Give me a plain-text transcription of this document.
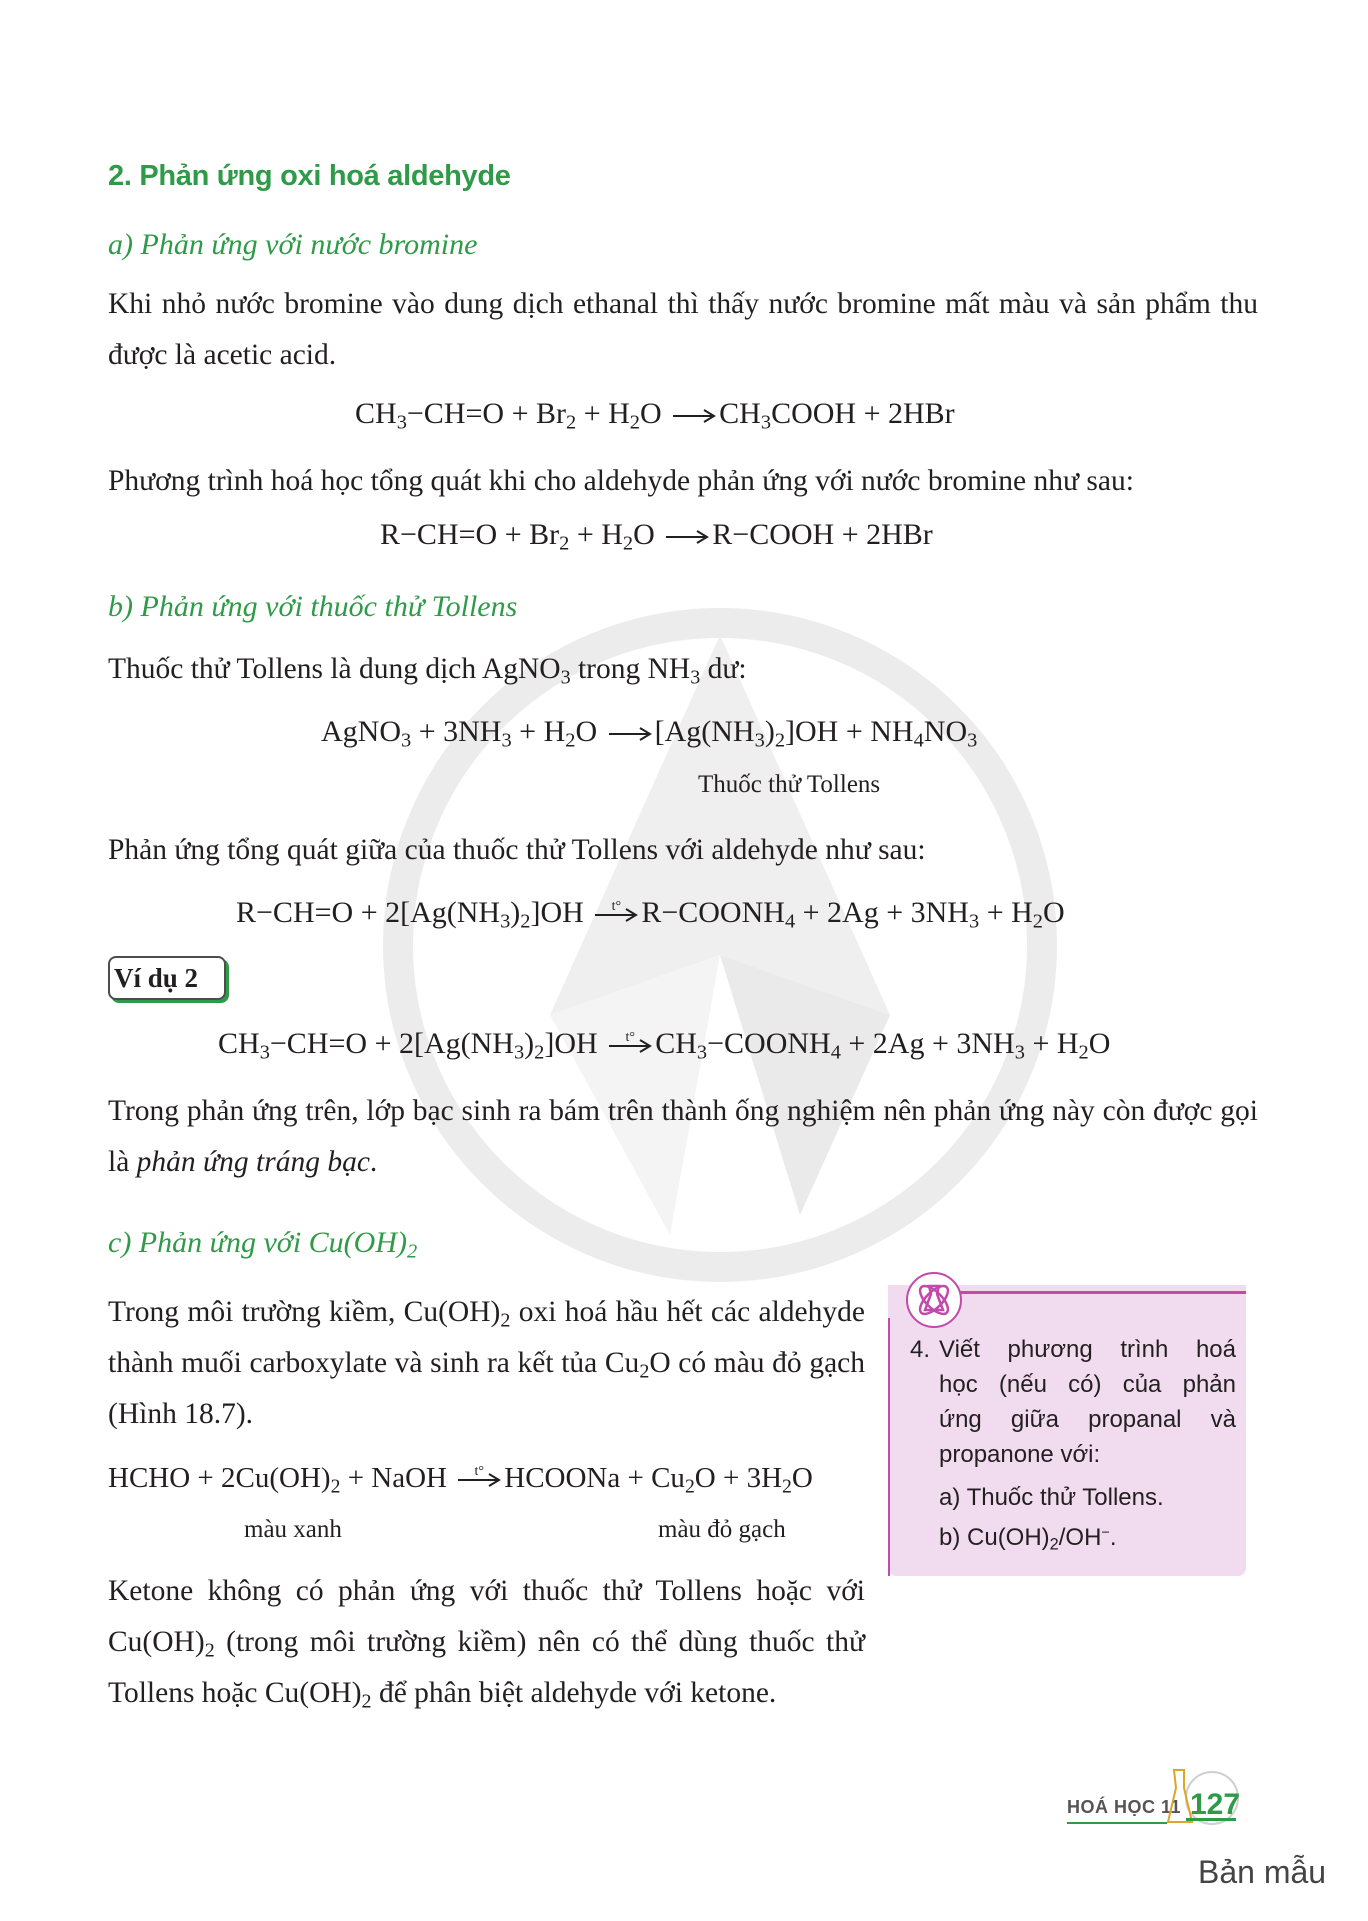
2. Phản ứng oxi hoá aldehyde
a) Phản ứng với nước bromine

Khi nhỏ nước bromine vào dung dịch ethanal thì thấy nước bromine mất màu và sản phẩm thu được là acetic acid.

$CH_3-CH=O + Br_2 + H_2O$ → $CH_3COOH + 2HBr$

Phương trình hoá học tổng quát khi cho aldehyde phản ứng với nước bromine như sau:

$R-CH=O + Br_2 + H_2O$ → R−COOH + 2HBr
b) Phản ứng với thuốc thử Tollens
Thuốc thử Tollens là dung dịch AgNO$_3$ trong $NH_3$ dư:
AgNO$_3$ + $3NH_3 + H_2O \to [Ag(NH_3)_2]OH + NH_4NO_3$
Thuốc thử Tollens

Phản ứng tổng quát giữa của thuốc thử Tollens với aldehyde như sau:

$R-CH=O + 2[Ag(NH_3)_2]OH$	t° $R-COONH_4 + 2Ag + 3NH_3 + H_2O$
Ví dụ 2
$CH_3-CH=O + 2[Ag(NH_3)_2]OH$	t° $CH_3-COONH_4 + 2Ag + 3NH_3 + H_2O$

Trong phản ứng trên, lớp bạc sinh ra bám trên thành ống nghiệm nên phản ứng này còn được gọi là phản ứng tráng bạc.

c) Phản ứng với $Cu(OH)_2$

Trong môi trường kiềm, $Cu(OH)_2$ oxi hoá hầu hết các aldehyde thành muối carboxylate và sinh ra kết tủa $Cu_2O$ có màu đỏ gạch (Hình 18.7).

HCHO + $2Cu(OH)_2$ + NaOH	t° HCOONa + $Cu_2O + 3H_2O$
màu xanh	màu đỏ gạch

Ketone không có phản ứng với thuốc thử Tollens hoặc với $Cu(OH)_2$ (trong môi trường kiềm) nên có thể dùng thuốc thử Tollens hoặc $Cu(OH)_2$ để phân biệt aldehyde với ketone.

4. Viết phương trình hoá
học (nếu có) của phản
ứng giữa propanal và
propanone với:
a) Thuốc thử Tollens.
b) $Cu(OH)_2/OH^-$.
HOÁ HỌC 11 127
Bản mẫu
